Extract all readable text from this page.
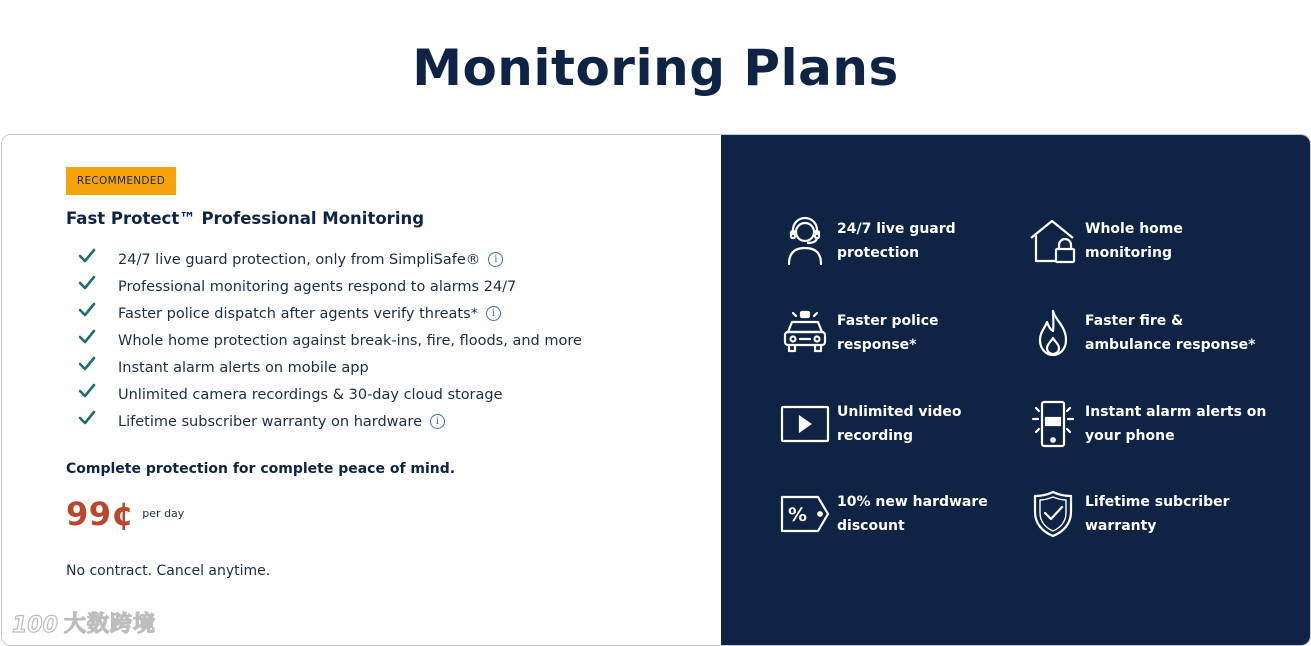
Monitoring Plans
RECOMMENDED
Fast Protect™ Professional Monitoring
24/7 live guard protection, only from SimpliSafe®	i
Professional monitoring agents respond to alarms 24/7
Faster police dispatch after agents verify threats*	i
Whole home protection against break-ins, fire, floods, and more
Instant alarm alerts on mobile app
Unlimited camera recordings & 30-day cloud storage
Lifetime subscriber warranty on hardware	i

Complete protection for complete peace of mind.

99¢ per day

No contract. Cancel anytime.

100 大数跨境
24/7 live guard protection
Whole home monitoring
Faster police response*
Faster fire & ambulance response*
Unlimited video recording
Instant alarm alerts on your phone
%
10% new hardware discount
Lifetime subcriber warranty
